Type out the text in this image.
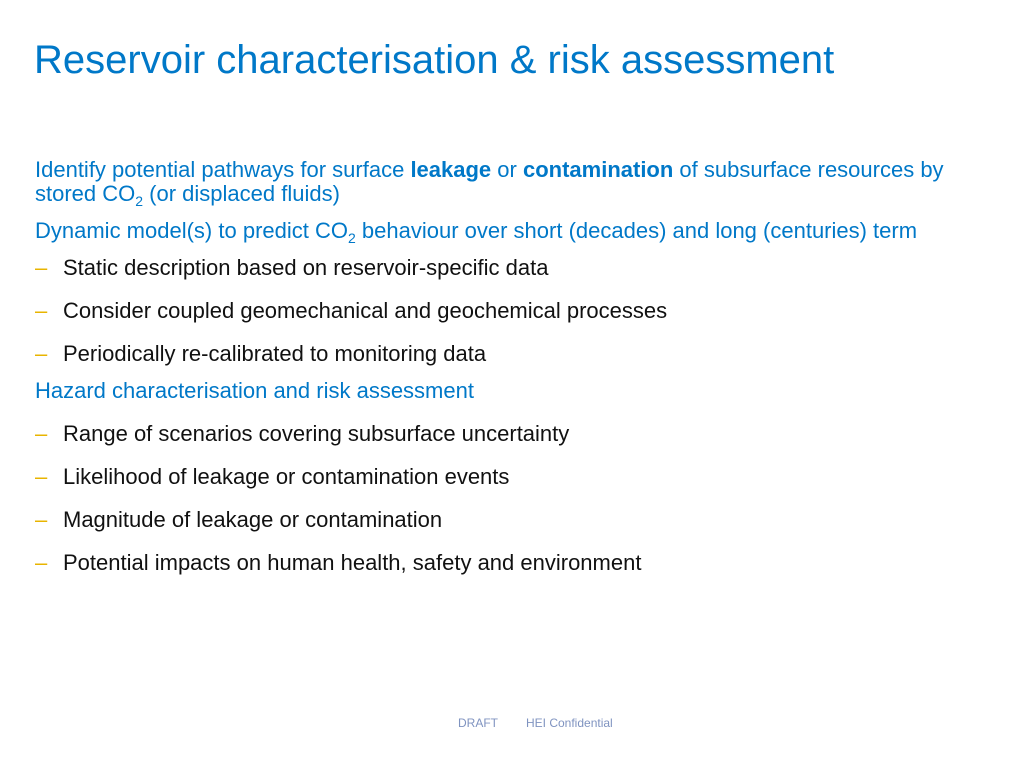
Reservoir characterisation & risk assessment

Identify potential pathways for surface leakage or contamination of subsurface resources by stored $CO_2$ (or displaced fluids)

Dynamic model(s) to predict $CO_2$ behaviour over short (decades) and long (centuries) term

– Static description based on reservoir-specific data
– Consider coupled geomechanical and geochemical processes
– Periodically re-calibrated to monitoring data

Hazard characterisation and risk assessment

– Range of scenarios covering subsurface uncertainty
– Likelihood of leakage or contamination events
– Magnitude of leakage or contamination
– Potential impacts on human health, safety and environment
DRAFT HEI Confidential
